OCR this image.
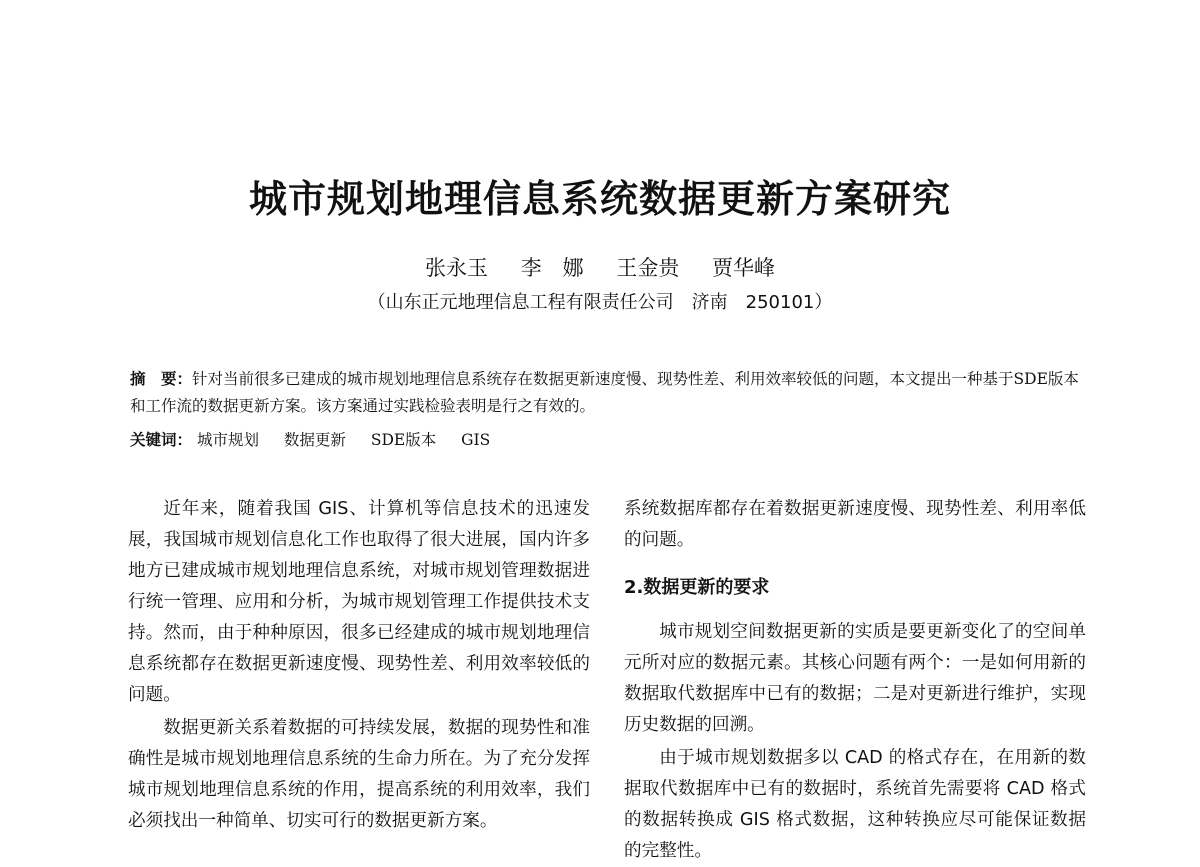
城市规划地理信息系统数据更新方案研究
张永玉 李　娜 王金贵 贾华峰
（山东正元地理信息工程有限责任公司　济南　250101）
摘　要：针对当前很多已建成的城市规划地理信息系统存在数据更新速度慢、现势性差、利用效率较低的问题，本文提出一种基于SDE版本和工作流的数据更新方案。该方案通过实践检验表明是行之有效的。
关键词： 城市规划 数据更新 SDE版本 GIS

近年来，随着我国 GIS、计算机等信息技术的迅速发展，我国城市规划信息化工作也取得了很大进展，国内许多地方已建成城市规划地理信息系统，对城市规划管理数据进行统一管理、应用和分析，为城市规划管理工作提供技术支持。然而，由于种种原因，很多已经建成的城市规划地理信息系统都存在数据更新速度慢、现势性差、利用效率较低的问题。

数据更新关系着数据的可持续发展，数据的现势性和准确性是城市规划地理信息系统的生命力所在。为了充分发挥城市规划地理信息系统的作用，提高系统的利用效率，我们必须找出一种简单、切实可行的数据更新方案。

系统数据库都存在着数据更新速度慢、现势性差、利用率低的问题。

2.数据更新的要求

城市规划空间数据更新的实质是要更新变化了的空间单元所对应的数据元素。其核心问题有两个：一是如何用新的数据取代数据库中已有的数据；二是对更新进行维护，实现历史数据的回溯。

由于城市规划数据多以 CAD 的格式存在，在用新的数据取代数据库中已有的数据时，系统首先需要将 CAD 格式的数据转换成 GIS 格式数据，这种转换应尽可能保证数据的完整性。
